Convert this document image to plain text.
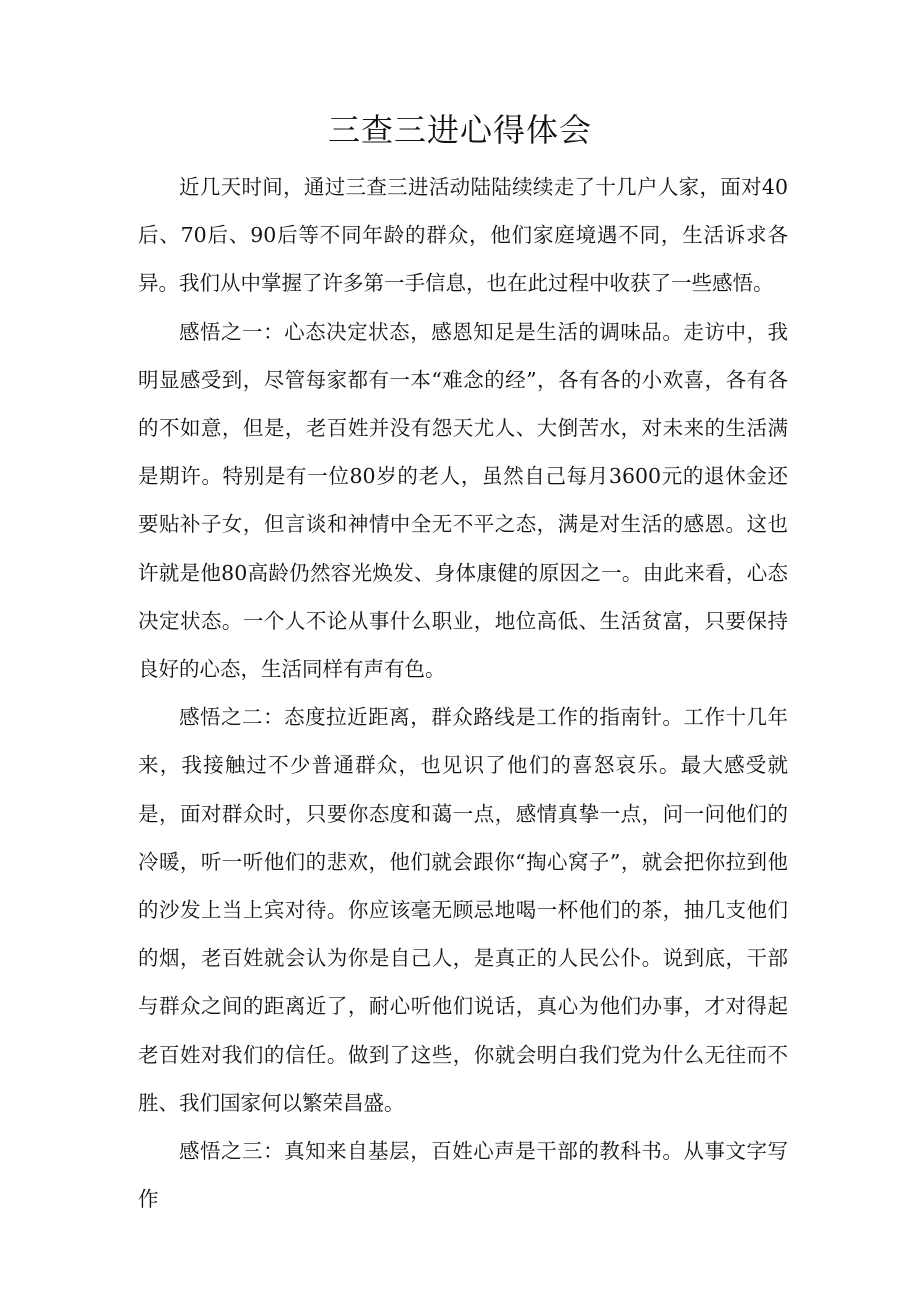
三查三进心得体会

近几天时间，通过三查三进活动陆陆续续走了十几户人家，面对40后、70后、90后等不同年龄的群众，他们家庭境遇不同，生活诉求各异。我们从中掌握了许多第一手信息，也在此过程中收获了一些感悟。

感悟之一：心态决定状态，感恩知足是生活的调味品。走访中，我明显感受到，尽管每家都有一本“难念的经”，各有各的小欢喜，各有各的不如意，但是，老百姓并没有怨天尤人、大倒苦水，对未来的生活满是期许。特别是有一位80岁的老人，虽然自己每月3600元的退休金还要贴补子女，但言谈和神情中全无不平之态，满是对生活的感恩。这也许就是他80高龄仍然容光焕发、身体康健的原因之一。由此来看，心态决定状态。一个人不论从事什么职业，地位高低、生活贫富，只要保持良好的心态，生活同样有声有色。

感悟之二：态度拉近距离，群众路线是工作的指南针。工作十几年来，我接触过不少普通群众，也见识了他们的喜怒哀乐。最大感受就是，面对群众时，只要你态度和蔼一点，感情真挚一点，问一问他们的冷暖，听一听他们的悲欢，他们就会跟你“掏心窝子”，就会把你拉到他的沙发上当上宾对待。你应该毫无顾忌地喝一杯他们的茶，抽几支他们的烟，老百姓就会认为你是自己人，是真正的人民公仆。说到底，干部与群众之间的距离近了，耐心听他们说话，真心为他们办事，才对得起老百姓对我们的信任。做到了这些，你就会明白我们党为什么无往而不胜、我们国家何以繁荣昌盛。

感悟之三：真知来自基层，百姓心声是干部的教科书。从事文字写作
